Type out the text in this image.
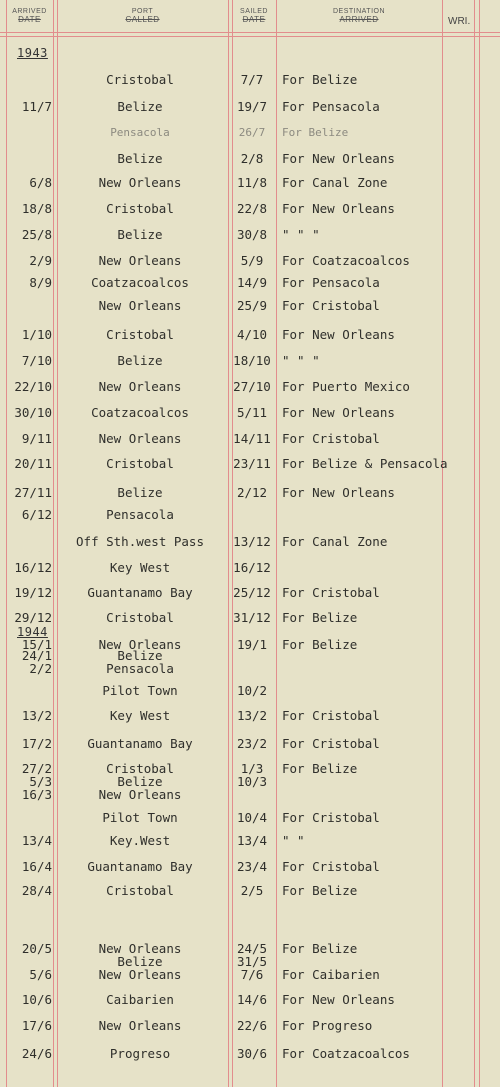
ARRIVED
DATE
PORT
CALLED
SAILED
DATE
DESTINATION
ARRIVED	WRI.
1943
1944
Cristobal	7/7	For Belize
11/7	Belize	19/7	For Pensacola
Pensacola	26/7	For Belize
Belize	2/8	For New Orleans
6/8	New Orleans	11/8	For Canal Zone
18/8	Cristobal	22/8	For New Orleans
25/8	Belize	30/8	" " "
2/9	New Orleans	5/9	For Coatzacoalcos
8/9	Coatzacoalcos	14/9	For Pensacola
New Orleans	25/9	For Cristobal
1/10	Cristobal	4/10	For New Orleans
7/10	Belize	18/10 " " "
22/10	New Orleans	27/10 For Puerto Mexico
30/10	Coatzacoalcos	5/11	For New Orleans
9/11	New Orleans	14/11 For Cristobal
20/11	Cristobal	23/11 For Belize & Pensacola
27/11	Belize	2/12	For New Orleans
6/12	Pensacola
Off Sth.west Pass	13/12 For Canal Zone
16/12	Key West	16/12
19/12	Guantanamo Bay	25/12 For Cristobal
29/12	Cristobal	31/12 For Belize
15/1	New Orleans	19/1	For Belize
24/1	Belize
2/2	Pensacola
Pilot Town	10/2
13/2	Key West	13/2	For Cristobal
17/2	Guantanamo Bay	23/2	For Cristobal
27/2	Cristobal	1/3	For Belize
5/3	Belize	10/3
16/3	New Orleans
Pilot Town	10/4	For Cristobal
13/4	Key.West	13/4	" "
16/4	Guantanamo Bay	23/4	For Cristobal
28/4	Cristobal	2/5	For Belize
20/5	New Orleans	24/5	For Belize
Belize	31/5
5/6	New Orleans	7/6	For Caibarien
10/6	Caibarien	14/6	For New Orleans
17/6	New Orleans	22/6	For Progreso
24/6	Progreso	30/6	For Coatzacoalcos
